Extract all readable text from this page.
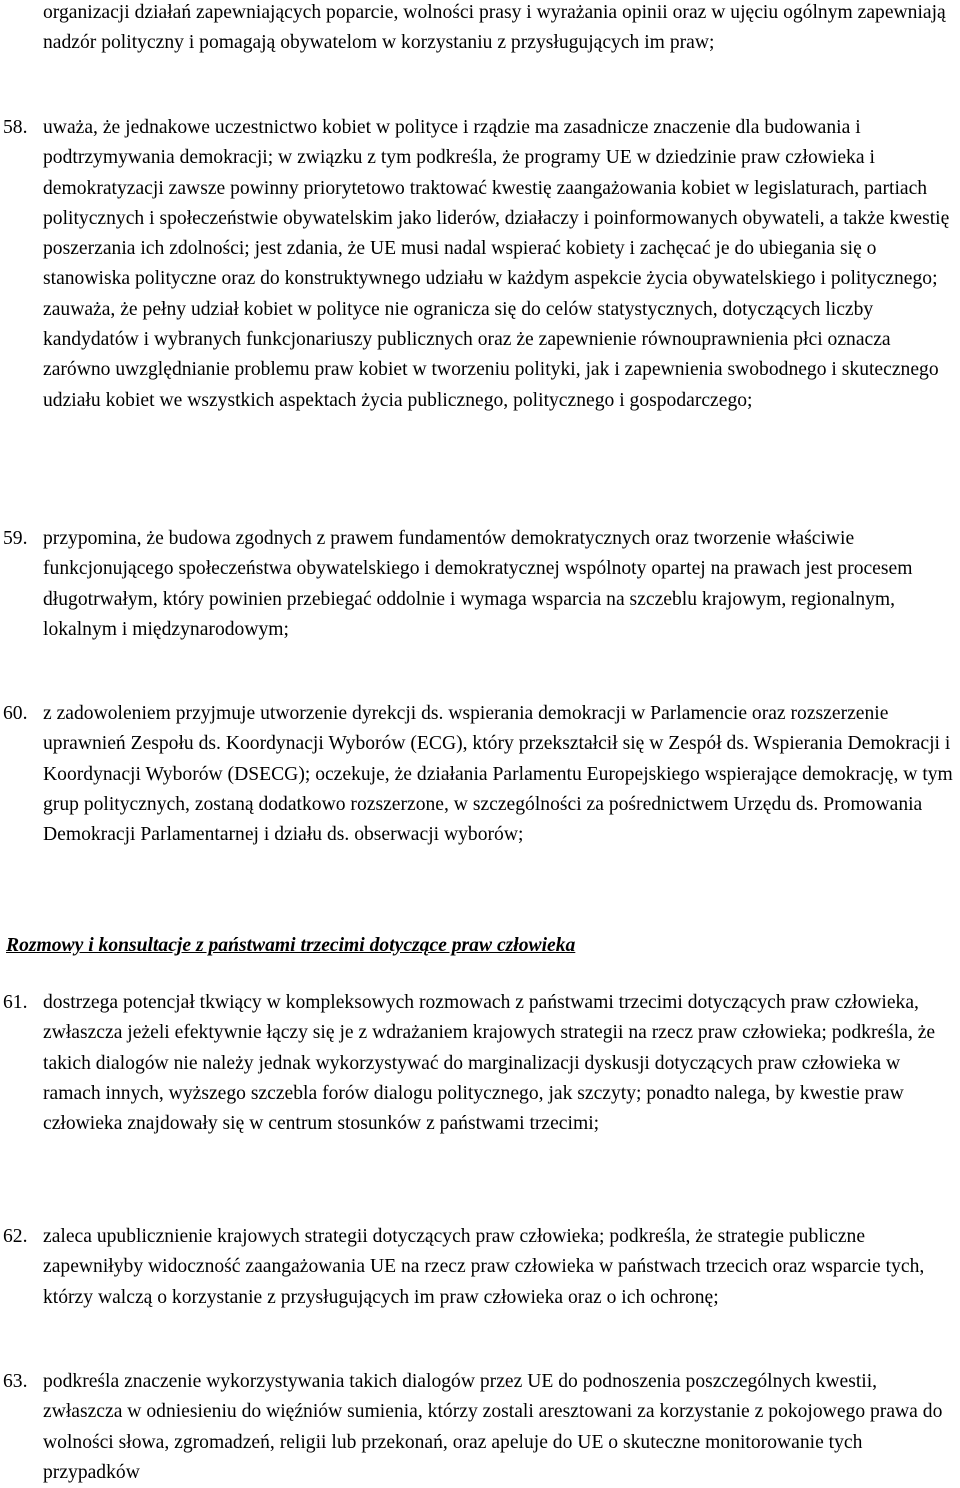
organizacji działań zapewniających poparcie, wolności prasy i wyrażania opinii oraz w ujęciu ogólnym zapewniają nadzór polityczny i pomagają obywatelom w korzystaniu z przysługujących im praw;

58. uważa, że jednakowe uczestnictwo kobiet w polityce i rządzie ma zasadnicze znaczenie dla budowania i podtrzymywania demokracji; w związku z tym podkreśla, że programy UE w dziedzinie praw człowieka i demokratyzacji zawsze powinny priorytetowo traktować kwestię zaangażowania kobiet w legislaturach, partiach politycznych i społeczeństwie obywatelskim jako liderów, działaczy i poinformowanych obywateli, a także kwestię poszerzania ich zdolności; jest zdania, że UE musi nadal wspierać kobiety i zachęcać je do ubiegania się o stanowiska polityczne oraz do konstruktywnego udziału w każdym aspekcie życia obywatelskiego i politycznego; zauważa, że pełny udział kobiet w polityce nie ogranicza się do celów statystycznych, dotyczących liczby kandydatów i wybranych funkcjonariuszy publicznych oraz że zapewnienie równouprawnienia płci oznacza zarówno uwzględnianie problemu praw kobiet w tworzeniu polityki, jak i zapewnienia swobodnego i skutecznego udziału kobiet we wszystkich aspektach życia publicznego, politycznego i gospodarczego;

59. przypomina, że budowa zgodnych z prawem fundamentów demokratycznych oraz tworzenie właściwie funkcjonującego społeczeństwa obywatelskiego i demokratycznej wspólnoty opartej na prawach jest procesem długotrwałym, który powinien przebiegać oddolnie i wymaga wsparcia na szczeblu krajowym, regionalnym, lokalnym i międzynarodowym;

60. z zadowoleniem przyjmuje utworzenie dyrekcji ds. wspierania demokracji w Parlamencie oraz rozszerzenie uprawnień Zespołu ds. Koordynacji Wyborów (ECG), który przekształcił się w Zespół ds. Wspierania Demokracji i Koordynacji Wyborów (DSECG); oczekuje, że działania Parlamentu Europejskiego wspierające demokrację, w tym grup politycznych, zostaną dodatkowo rozszerzone, w szczególności za pośrednictwem Urzędu ds. Promowania Demokracji Parlamentarnej i działu ds. obserwacji wyborów;

Rozmowy i konsultacje z państwami trzecimi dotyczące praw człowieka

61. dostrzega potencjał tkwiący w kompleksowych rozmowach z państwami trzecimi dotyczących praw człowieka, zwłaszcza jeżeli efektywnie łączy się je z wdrażaniem krajowych strategii na rzecz praw człowieka; podkreśla, że takich dialogów nie należy jednak wykorzystywać do marginalizacji dyskusji dotyczących praw człowieka w ramach innych, wyższego szczebla forów dialogu politycznego, jak szczyty; ponadto nalega, by kwestie praw człowieka znajdowały się w centrum stosunków z państwami trzecimi;

62. zaleca upublicznienie krajowych strategii dotyczących praw człowieka; podkreśla, że strategie publiczne zapewniłyby widoczność zaangażowania UE na rzecz praw człowieka w państwach trzecich oraz wsparcie tych, którzy walczą o korzystanie z przysługujących im praw człowieka oraz o ich ochronę;

63. podkreśla znaczenie wykorzystywania takich dialogów przez UE do podnoszenia poszczególnych kwestii, zwłaszcza w odniesieniu do więźniów sumienia, którzy zostali aresztowani za korzystanie z pokojowego prawa do wolności słowa, zgromadzeń, religii lub przekonań, oraz apeluje do UE o skuteczne monitorowanie tych przypadków
